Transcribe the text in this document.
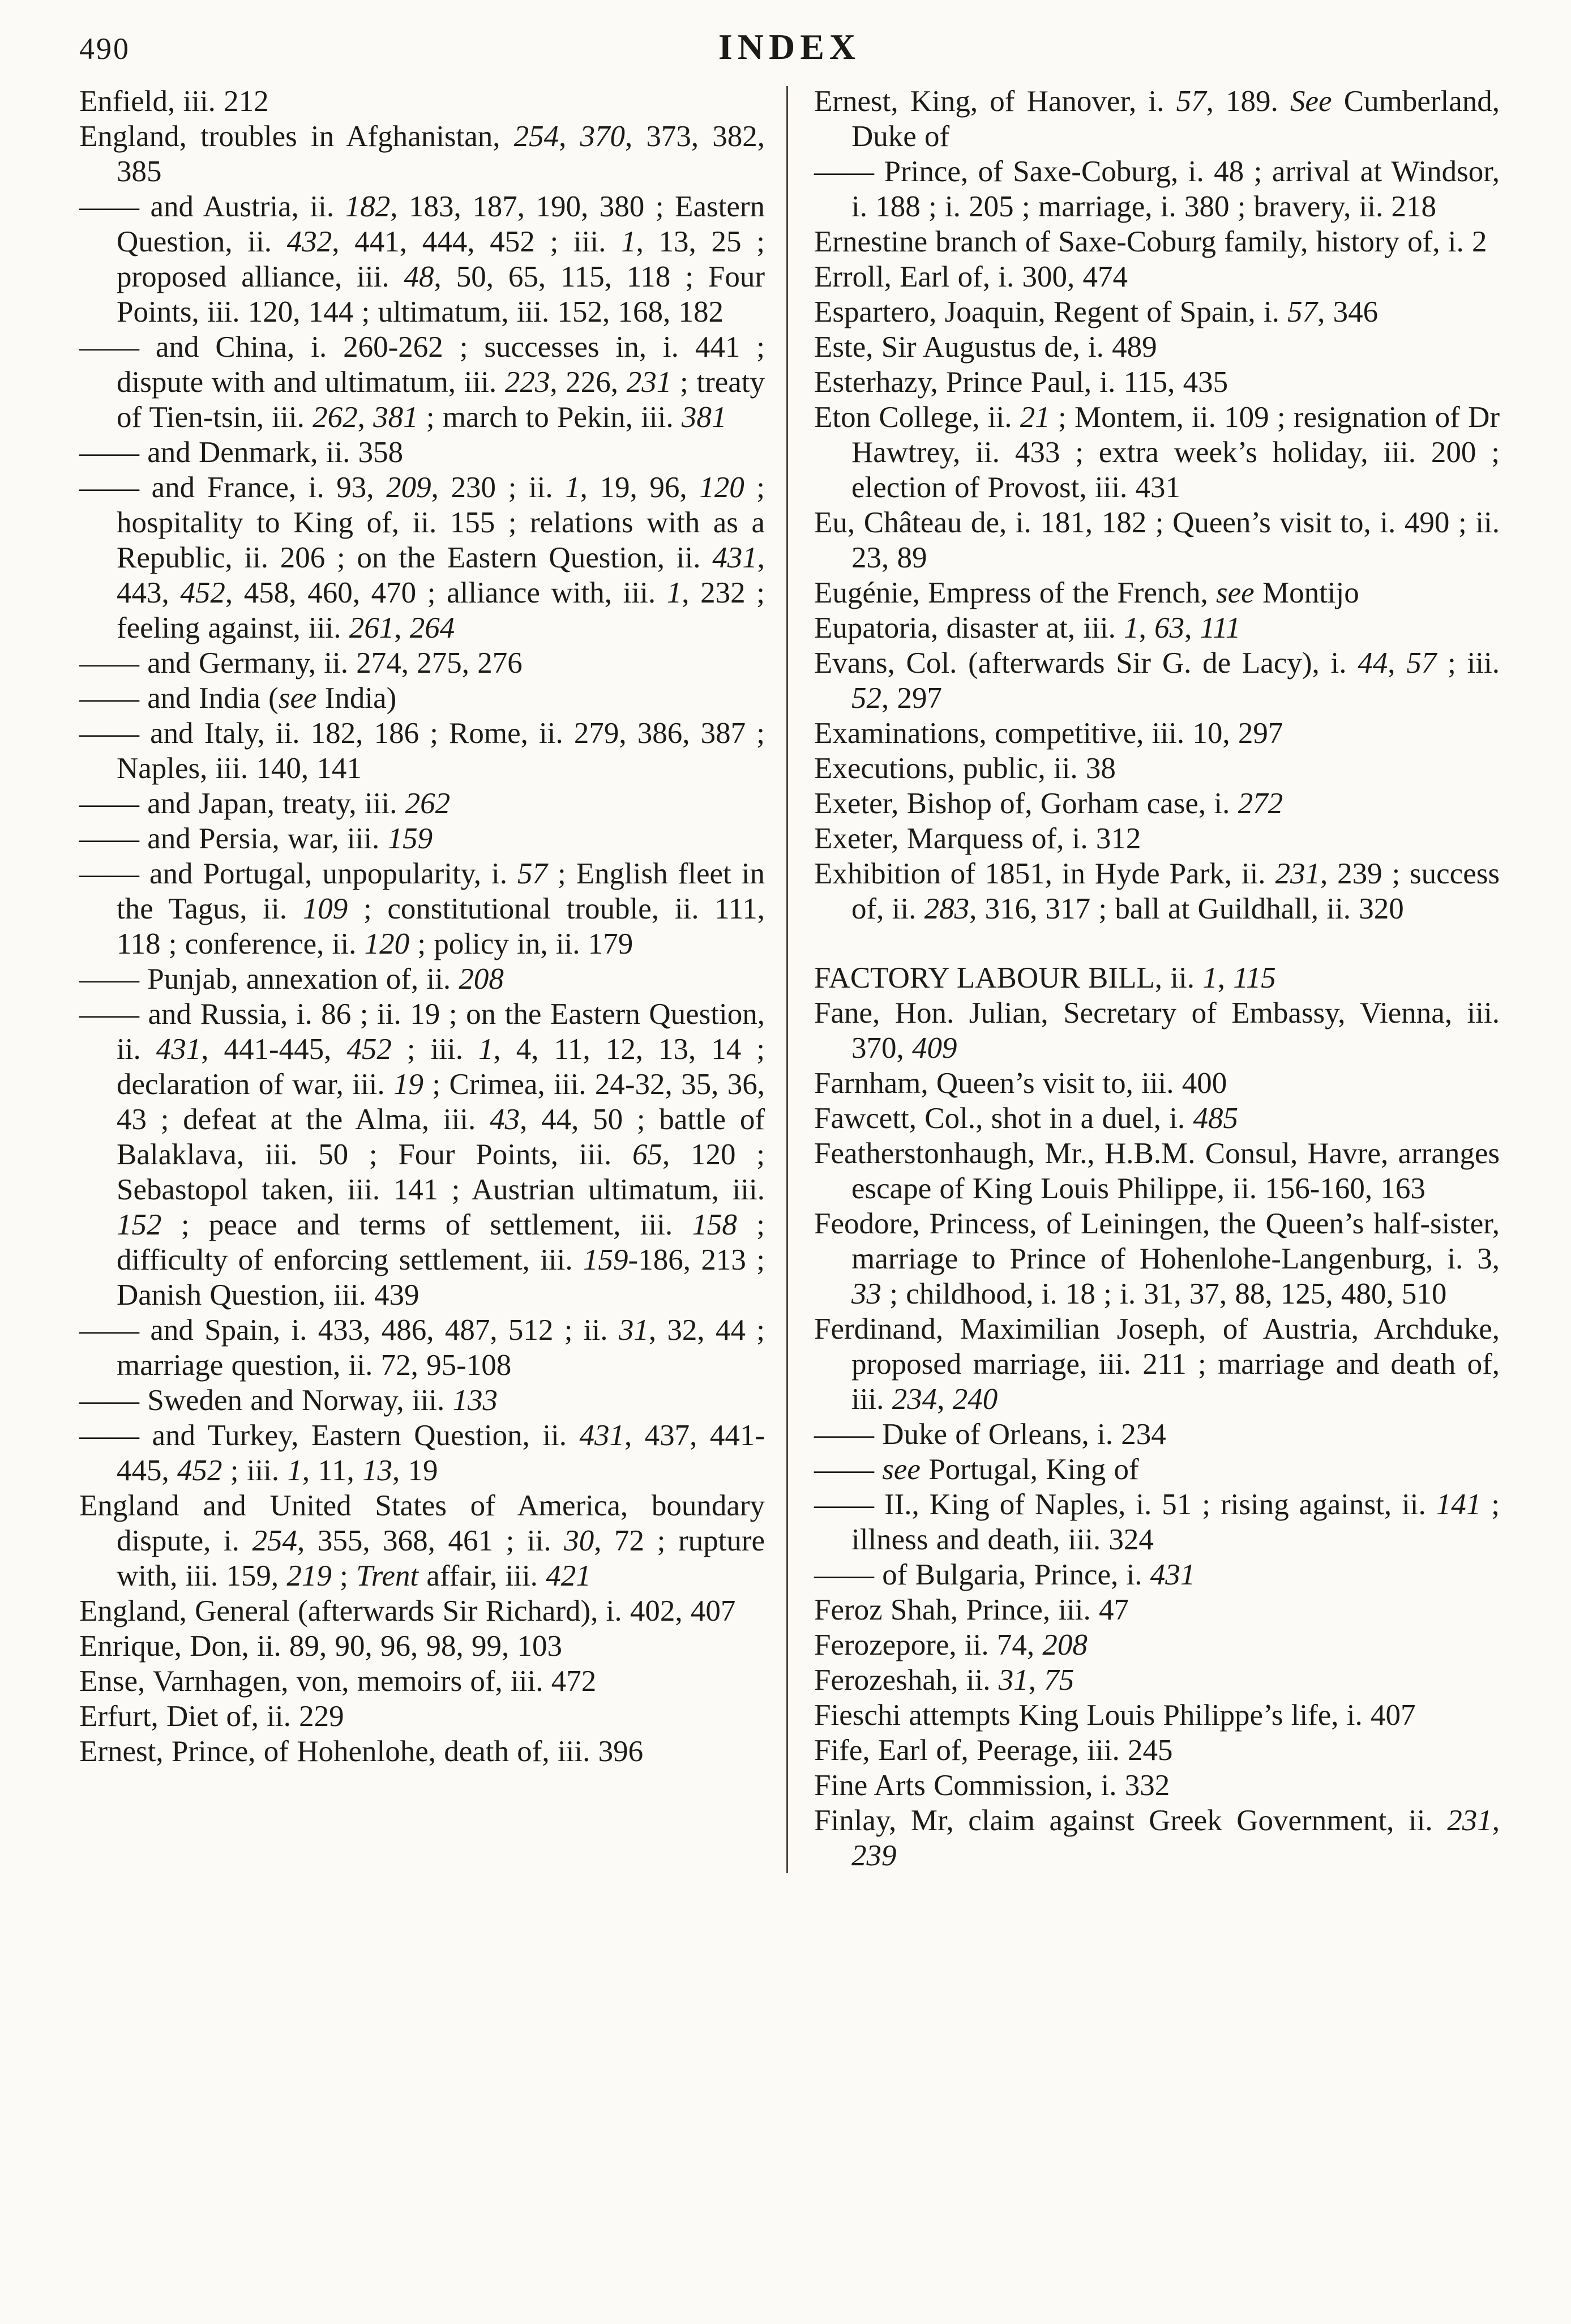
490	INDEX

Enfield, iii. 212

England, troubles in Afghanistan, 254, 370, 373, 382, 385

—— and Austria, ii. 182, 183, 187, 190, 380 ; Eastern Question, ii. 432, 441, 444, 452 ; iii. 1, 13, 25 ; proposed alliance, iii. 48, 50, 65, 115, 118 ; Four Points, iii. 120, 144 ; ultimatum, iii. 152, 168, 182

—— and China, i. 260-262 ; successes in, i. 441 ; dispute with and ultimatum, iii. 223, 226, 231 ; treaty of Tien-tsin, iii. 262, 381 ; march to Pekin, iii. 381

—— and Denmark, ii. 358

—— and France, i. 93, 209, 230 ; ii. 1, 19, 96, 120 ; hospitality to King of, ii. 155 ; relations with as a Republic, ii. 206 ; on the Eastern Question, ii. 431, 443, 452, 458, 460, 470 ; alliance with, iii. 1, 232 ; feeling against, iii. 261, 264

—— and Germany, ii. 274, 275, 276

—— and India (see India)

—— and Italy, ii. 182, 186 ; Rome, ii. 279, 386, 387 ; Naples, iii. 140, 141

—— and Japan, treaty, iii. 262

—— and Persia, war, iii. 159

—— and Portugal, unpopularity, i. 57 ; English fleet in the Tagus, ii. 109 ; constitutional trouble, ii. 111, 118 ; conference, ii. 120 ; policy in, ii. 179

—— Punjab, annexation of, ii. 208

—— and Russia, i. 86 ; ii. 19 ; on the Eastern Question, ii. 431, 441-445, 452 ; iii. 1, 4, 11, 12, 13, 14 ; declaration of war, iii. 19 ; Crimea, iii. 24-32, 35, 36, 43 ; defeat at the Alma, iii. 43, 44, 50 ; battle of Balaklava, iii. 50 ; Four Points, iii. 65, 120 ; Sebastopol taken, iii. 141 ; Austrian ultimatum, iii. 152 ; peace and terms of settlement, iii. 158 ; difficulty of enforcing settlement, iii. 159-186, 213 ; Danish Question, iii. 439

—— and Spain, i. 433, 486, 487, 512 ; ii. 31, 32, 44 ; marriage question, ii. 72, 95-108

—— Sweden and Norway, iii. 133

—— and Turkey, Eastern Question, ii. 431, 437, 441-445, 452 ; iii. 1, 11, 13, 19

England and United States of America, boundary dispute, i. 254, 355, 368, 461 ; ii. 30, 72 ; rupture with, iii. 159, 219 ; Trent affair, iii. 421

England, General (afterwards Sir Richard), i. 402, 407

Enrique, Don, ii. 89, 90, 96, 98, 99, 103

Ense, Varnhagen, von, memoirs of, iii. 472

Erfurt, Diet of, ii. 229

Ernest, Prince, of Hohenlohe, death of, iii. 396

Ernest, King, of Hanover, i. 57, 189. See Cumberland, Duke of

—— Prince, of Saxe-Coburg, i. 48 ; arrival at Windsor, i. 188 ; i. 205 ; marriage, i. 380 ; bravery, ii. 218

Ernestine branch of Saxe-Coburg family, history of, i. 2

Erroll, Earl of, i. 300, 474

Espartero, Joaquin, Regent of Spain, i. 57, 346

Este, Sir Augustus de, i. 489

Esterhazy, Prince Paul, i. 115, 435

Eton College, ii. 21 ; Montem, ii. 109 ; resignation of Dr Hawtrey, ii. 433 ; extra week’s holiday, iii. 200 ; election of Provost, iii. 431

Eu, Château de, i. 181, 182 ; Queen’s visit to, i. 490 ; ii. 23, 89

Eugénie, Empress of the French, see Montijo

Eupatoria, disaster at, iii. 1, 63, 111

Evans, Col. (afterwards Sir G. de Lacy), i. 44, 57 ; iii. 52, 297

Examinations, competitive, iii. 10, 297

Executions, public, ii. 38

Exeter, Bishop of, Gorham case, i. 272

Exeter, Marquess of, i. 312

Exhibition of 1851, in Hyde Park, ii. 231, 239 ; success of, ii. 283, 316, 317 ; ball at Guildhall, ii. 320

FACTORY LABOUR BILL, ii. 1, 115

Fane, Hon. Julian, Secretary of Embassy, Vienna, iii. 370, 409

Farnham, Queen’s visit to, iii. 400

Fawcett, Col., shot in a duel, i. 485

Featherstonhaugh, Mr., H.B.M. Consul, Havre, arranges escape of King Louis Philippe, ii. 156-160, 163

Feodore, Princess, of Leiningen, the Queen’s half-sister, marriage to Prince of Hohenlohe-Langenburg, i. 3, 33 ; childhood, i. 18 ; i. 31, 37, 88, 125, 480, 510

Ferdinand, Maximilian Joseph, of Austria, Archduke, proposed marriage, iii. 211 ; marriage and death of, iii. 234, 240

—— Duke of Orleans, i. 234

—— see Portugal, King of

—— II., King of Naples, i. 51 ; rising against, ii. 141 ; illness and death, iii. 324

—— of Bulgaria, Prince, i. 431

Feroz Shah, Prince, iii. 47

Ferozepore, ii. 74, 208

Ferozeshah, ii. 31, 75

Fieschi attempts King Louis Philippe’s life, i. 407

Fife, Earl of, Peerage, iii. 245

Fine Arts Commission, i. 332

Finlay, Mr, claim against Greek Government, ii. 231, 239
